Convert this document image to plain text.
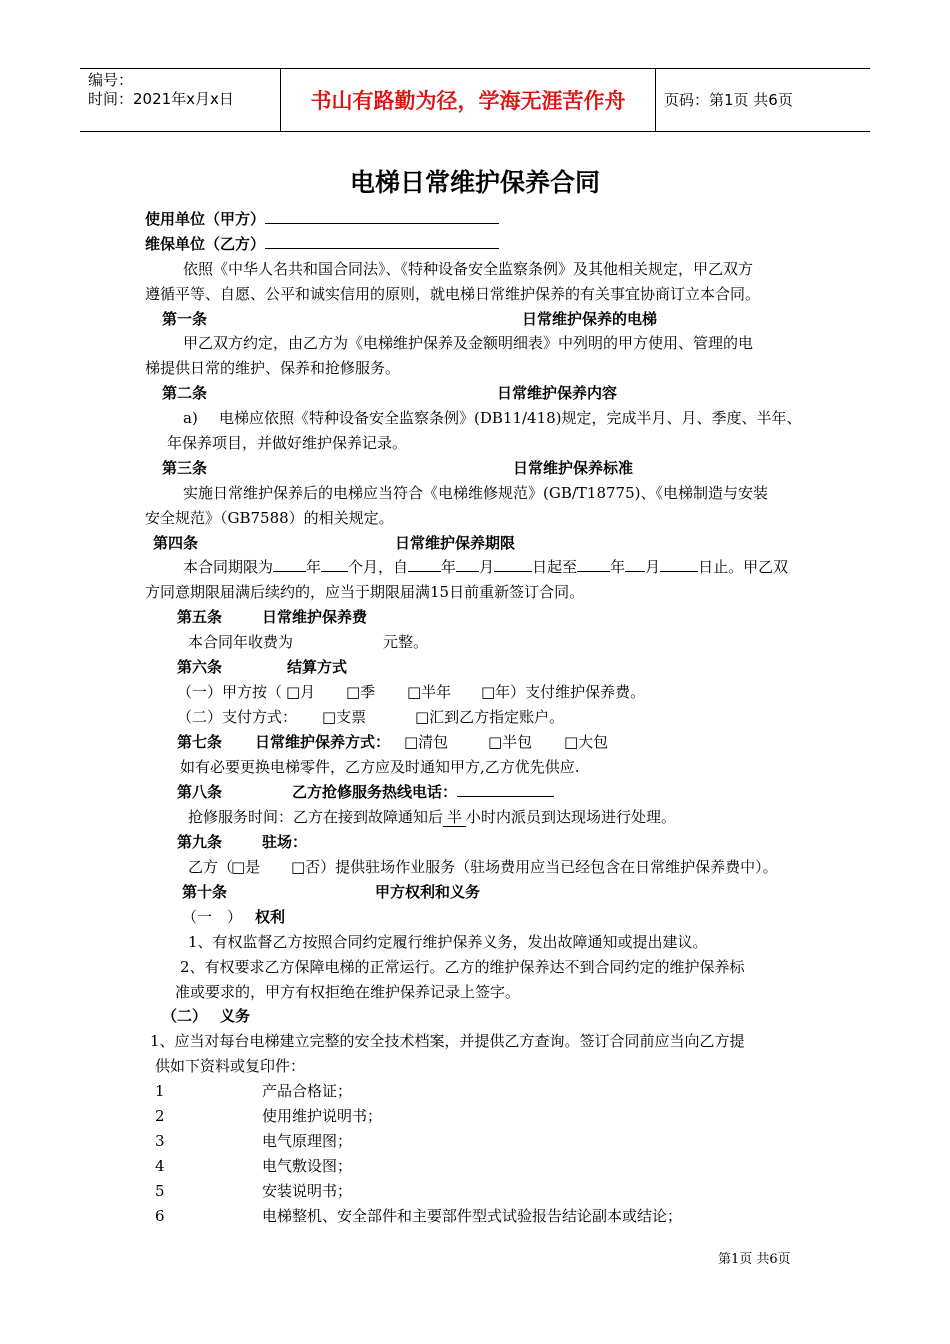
编号：
时间：2021年x月x日	书山有路勤为径，学海无涯苦作舟	页码：第1页 共6页
电梯日常维护保养合同
使用单位（甲方）
维保单位（乙方）
依照《中华人名共和国合同法》、《特种设备安全监察条例》及其他相关规定，甲乙双方
遵循平等、自愿、公平和诚实信用的原则，就电梯日常维护保养的有关事宜协商订立本合同。
第一条	日常维护保养的电梯
甲乙双方约定，由乙方为《电梯维护保养及金额明细表》中列明的甲方使用、管理的电
梯提供日常的维护、保养和抢修服务。
第二条	日常维护保养内容
a) 电梯应依照《特种设备安全监察条例》(DB11/418)规定，完成半月、月、季度、半年、
年保养项目，并做好维护保养记录。
第三条	日常维护保养标准
实施日常维护保养后的电梯应当符合《电梯维修规范》(GB/T18775)、《电梯制造与安装
安全规范》（GB7588）的相关规定。
第四条	日常维护保养期限
本合同期限为 年 个月，自 年 月	日起至 年 月	日止。甲乙双
方同意期限届满后续约的，应当于期限届满15日前重新签订合同。
第五条	日常维护保养费
本合同年收费为	元整。
第六条	结算方式
（一）甲方按（ □月 □季 □半年 □年）支付维护保养费。
（二）支付方式： □支票	□汇到乙方指定账户。
第七条 日常维护保养方式： □清包	□半包 □大包
如有必要更换电梯零件，乙方应及时通知甲方,乙方优先供应.
第八条	乙方抢修服务热线电话：
抢修服务时间：乙方在接到故障通知后 半 小时内派员到达现场进行处理。
第九条	驻场：
乙方（
□是 □否）提供驻场作业服务（驻场费用应当已经包含在日常维护保养费中）。
第十条	甲方权利和义务
（一　） 权利
1、有权监督乙方按照合同约定履行维护保养义务，发出故障通知或提出建议。
2、有权要求乙方保障电梯的正常运行。乙方的维护保养达不到合同约定的维护保养标
准或要求的，甲方有权拒绝在维护保养记录上签字。
（二） 义务
1、应当对每台电梯建立完整的安全技术档案，并提供乙方查询。签订合同前应当向乙方提
供如下资料或复印件：
1	产品合格证；
2	使用维护说明书；
3	电气原理图；
4	电气敷设图；
5	安装说明书；
6	电梯整机、安全部件和主要部件型式试验报告结论副本或结论；
第1页 共6页
